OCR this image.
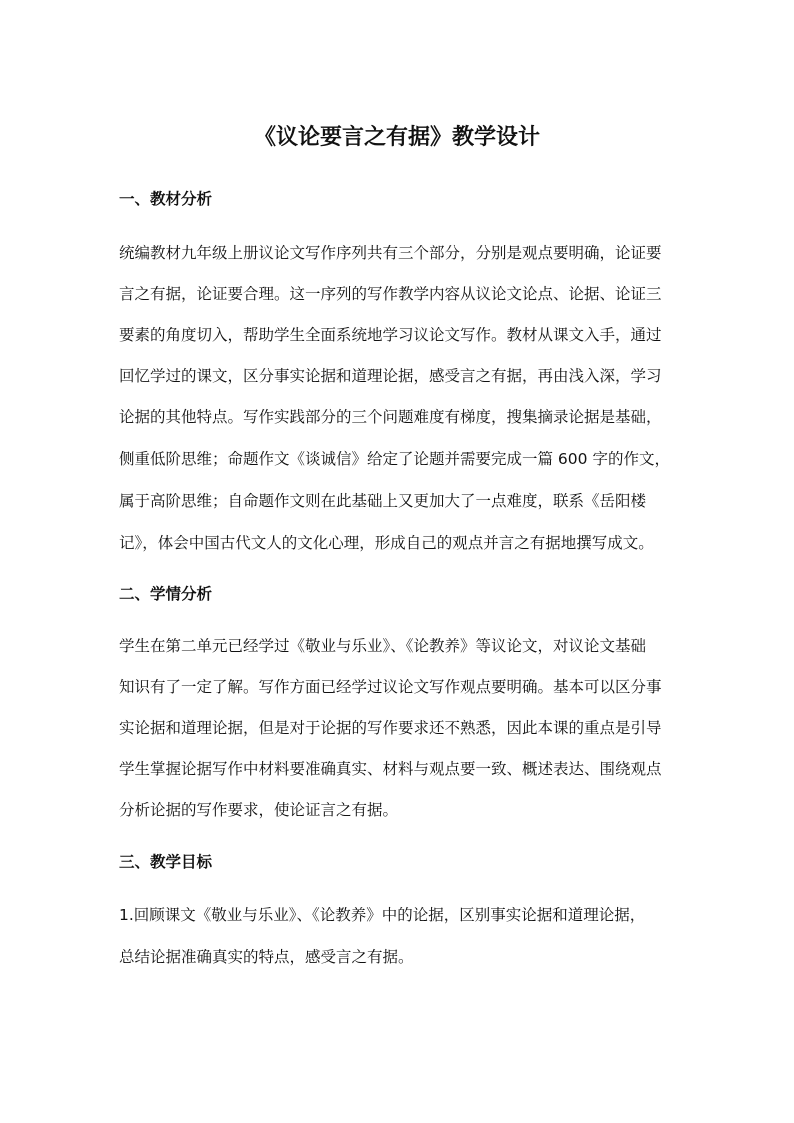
《议论要言之有据》教学设计
一、教材分析
统编教材九年级上册议论文写作序列共有三个部分，分别是观点要明确，论证要
言之有据，论证要合理。这一序列的写作教学内容从议论文论点、论据、论证三
要素的角度切入，帮助学生全面系统地学习议论文写作。教材从课文入手，通过
回忆学过的课文，区分事实论据和道理论据，感受言之有据，再由浅入深，学习
论据的其他特点。写作实践部分的三个问题难度有梯度，搜集摘录论据是基础，
侧重低阶思维；命题作文《谈诚信》给定了论题并需要完成一篇 600 字的作文，
属于高阶思维；自命题作文则在此基础上又更加大了一点难度，联系《岳阳楼
记》，体会中国古代文人的文化心理，形成自己的观点并言之有据地撰写成文。
二、学情分析
学生在第二单元已经学过《敬业与乐业》、《论教养》等议论文，对议论文基础
知识有了一定了解。写作方面已经学过议论文写作观点要明确。基本可以区分事
实论据和道理论据，但是对于论据的写作要求还不熟悉，因此本课的重点是引导
学生掌握论据写作中材料要准确真实、材料与观点要一致、概述表达、围绕观点
分析论据的写作要求，使论证言之有据。
三、教学目标
1.回顾课文《敬业与乐业》、《论教养》中的论据，区别事实论据和道理论据，
总结论据准确真实的特点，感受言之有据。
